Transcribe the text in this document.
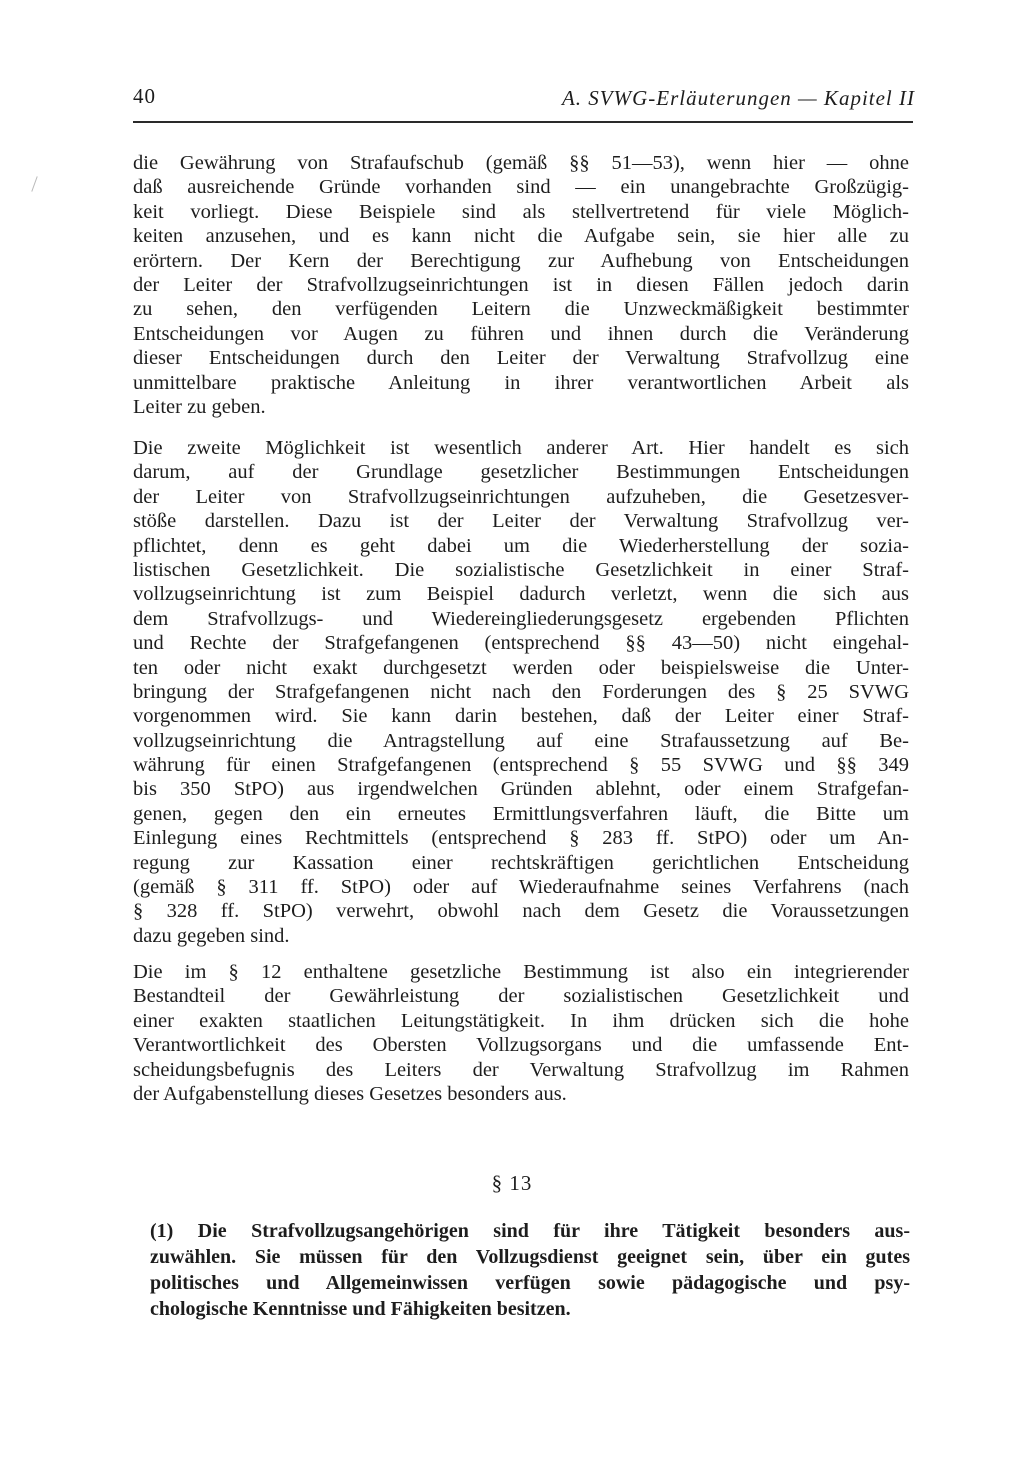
40	A. SVWG-Erläuterungen — Kapitel II
die Gewährung von Strafaufschub (gemäß §§ 51—53), wenn hier — ohne
daß ausreichende Gründe vorhanden sind — ein unangebrachte Großzügig-
keit vorliegt. Diese Beispiele sind als stellvertretend für viele Möglich-
keiten anzusehen, und es kann nicht die Aufgabe sein, sie hier alle zu
erörtern. Der Kern der Berechtigung zur Aufhebung von Entscheidungen
der Leiter der Strafvollzugseinrichtungen ist in diesen Fällen jedoch darin
zu sehen, den verfügenden Leitern die Unzweckmäßigkeit bestimmter
Entscheidungen vor Augen zu führen und ihnen durch die Veränderung
dieser Entscheidungen durch den Leiter der Verwaltung Strafvollzug eine
unmittelbare praktische Anleitung in ihrer verantwortlichen Arbeit als
Leiter zu geben.
Die zweite Möglichkeit ist wesentlich anderer Art. Hier handelt es sich
darum, auf der Grundlage gesetzlicher Bestimmungen Entscheidungen
der Leiter von Strafvollzugseinrichtungen aufzuheben, die Gesetzesver-
stöße darstellen. Dazu ist der Leiter der Verwaltung Strafvollzug ver-
pflichtet, denn es geht dabei um die Wiederherstellung der sozia-
listischen Gesetzlichkeit. Die sozialistische Gesetzlichkeit in einer Straf-
vollzugseinrichtung ist zum Beispiel dadurch verletzt, wenn die sich aus
dem Strafvollzugs- und Wiedereingliederungsgesetz ergebenden Pflichten
und Rechte der Strafgefangenen (entsprechend §§ 43—50) nicht eingehal-
ten oder nicht exakt durchgesetzt werden oder beispielsweise die Unter-
bringung der Strafgefangenen nicht nach den Forderungen des § 25 SVWG
vorgenommen wird. Sie kann darin bestehen, daß der Leiter einer Straf-
vollzugseinrichtung die Antragstellung auf eine Strafaussetzung auf Be-
währung für einen Strafgefangenen (entsprechend § 55 SVWG und §§ 349
bis 350 StPO) aus irgendwelchen Gründen ablehnt, oder einem Strafgefan-
genen, gegen den ein erneutes Ermittlungsverfahren läuft, die Bitte um
Einlegung eines Rechtmittels (entsprechend § 283 ff. StPO) oder um An-
regung zur Kassation einer rechtskräftigen gerichtlichen Entscheidung
(gemäß § 311 ff. StPO) oder auf Wiederaufnahme seines Verfahrens (nach
§ 328 ff. StPO) verwehrt, obwohl nach dem Gesetz die Voraussetzungen
dazu gegeben sind.
Die im § 12 enthaltene gesetzliche Bestimmung ist also ein integrierender
Bestandteil der Gewährleistung der sozialistischen Gesetzlichkeit und
einer exakten staatlichen Leitungstätigkeit. In ihm drücken sich die hohe
Verantwortlichkeit des Obersten Vollzugsorgans und die umfassende Ent-
scheidungsbefugnis des Leiters der Verwaltung Strafvollzug im Rahmen
der Aufgabenstellung dieses Gesetzes besonders aus.
§ 13
(1) Die Strafvollzugsangehörigen sind für ihre Tätigkeit besonders aus-
zuwählen. Sie müssen für den Vollzugsdienst geeignet sein, über ein gutes
politisches und Allgemeinwissen verfügen sowie pädagogische und psy-
chologische Kenntnisse und Fähigkeiten besitzen.
